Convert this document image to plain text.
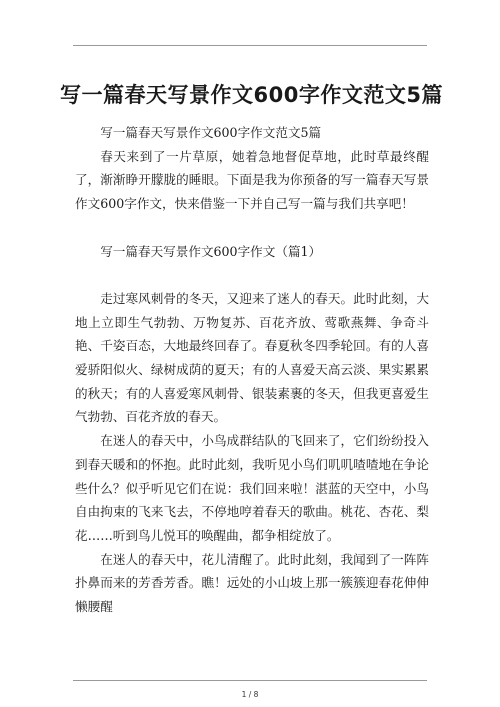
写一篇春天写景作文600字作文范文5篇

写一篇春天写景作文600字作文范文5篇

春天来到了一片草原，她着急地督促草地，此时草最终醒了，渐渐睁开朦胧的睡眼。下面是我为你预备的写一篇春天写景作文600字作文，快来借鉴一下并自己写一篇与我们共享吧！

写一篇春天写景作文600字作文（篇1）

走过寒风刺骨的冬天，又迎来了迷人的春天。此时此刻，大地上立即生气勃勃、万物复苏、百花齐放、莺歌燕舞、争奇斗艳、千姿百态，大地最终回春了。春夏秋冬四季轮回。有的人喜爱骄阳似火、绿树成荫的夏天；有的人喜爱天高云淡、果实累累的秋天；有的人喜爱寒风刺骨、银装素裹的冬天，但我更喜爱生气勃勃、百花齐放的春天。

在迷人的春天中，小鸟成群结队的飞回来了，它们纷纷投入到春天暖和的怀抱。此时此刻，我听见小鸟们叽叽喳喳地在争论些什么？似乎听见它们在说：我们回来啦！湛蓝的天空中，小鸟自由拘束的飞来飞去，不停地哼着春天的歌曲。桃花、杏花、梨花……听到鸟儿悦耳的唤醒曲，都争相绽放了。

在迷人的春天中，花儿清醒了。此时此刻，我闻到了一阵阵扑鼻而来的芳香芳香。瞧！远处的小山坡上那一簇簇迎春花伸伸懒腰醒

1 / 8
